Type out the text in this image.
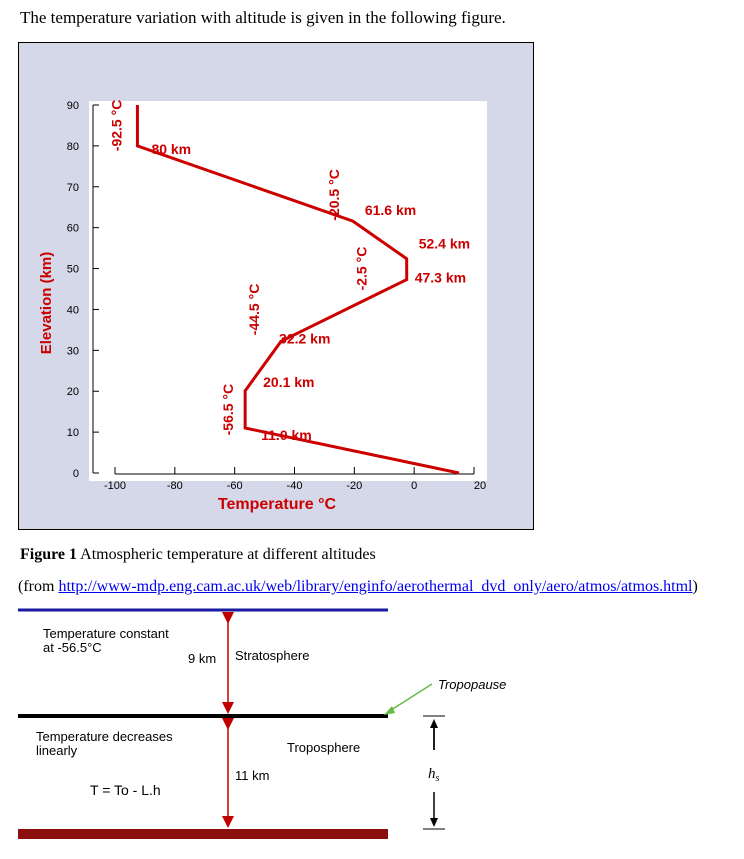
The temperature variation with altitude is given in the following figure.
0
10
20
30
40
50
60
70
80
90
-100	-80	-60	-40	-20	0	20
80 km
61.6 km
52.4 km
47.3 km
32.2 km
20.1 km
11.0 km
-92.5 °C
-20.5 °C
-2.5 °C
-44.5 °C
-56.5 °C
Elevation (km)
Temperature °C
Figure 1 Atmospheric temperature at different altitudes
(from http://www-mdp.eng.cam.ac.uk/web/library/enginfo/aerothermal_dvd_only/aero/atmos/atmos.html)
Temperature constant
at -56.5°C
9 km Stratosphere
Tropopause
Temperature decreases
linearly	Troposphere
11 km
T = To - L.h
$h_s$
